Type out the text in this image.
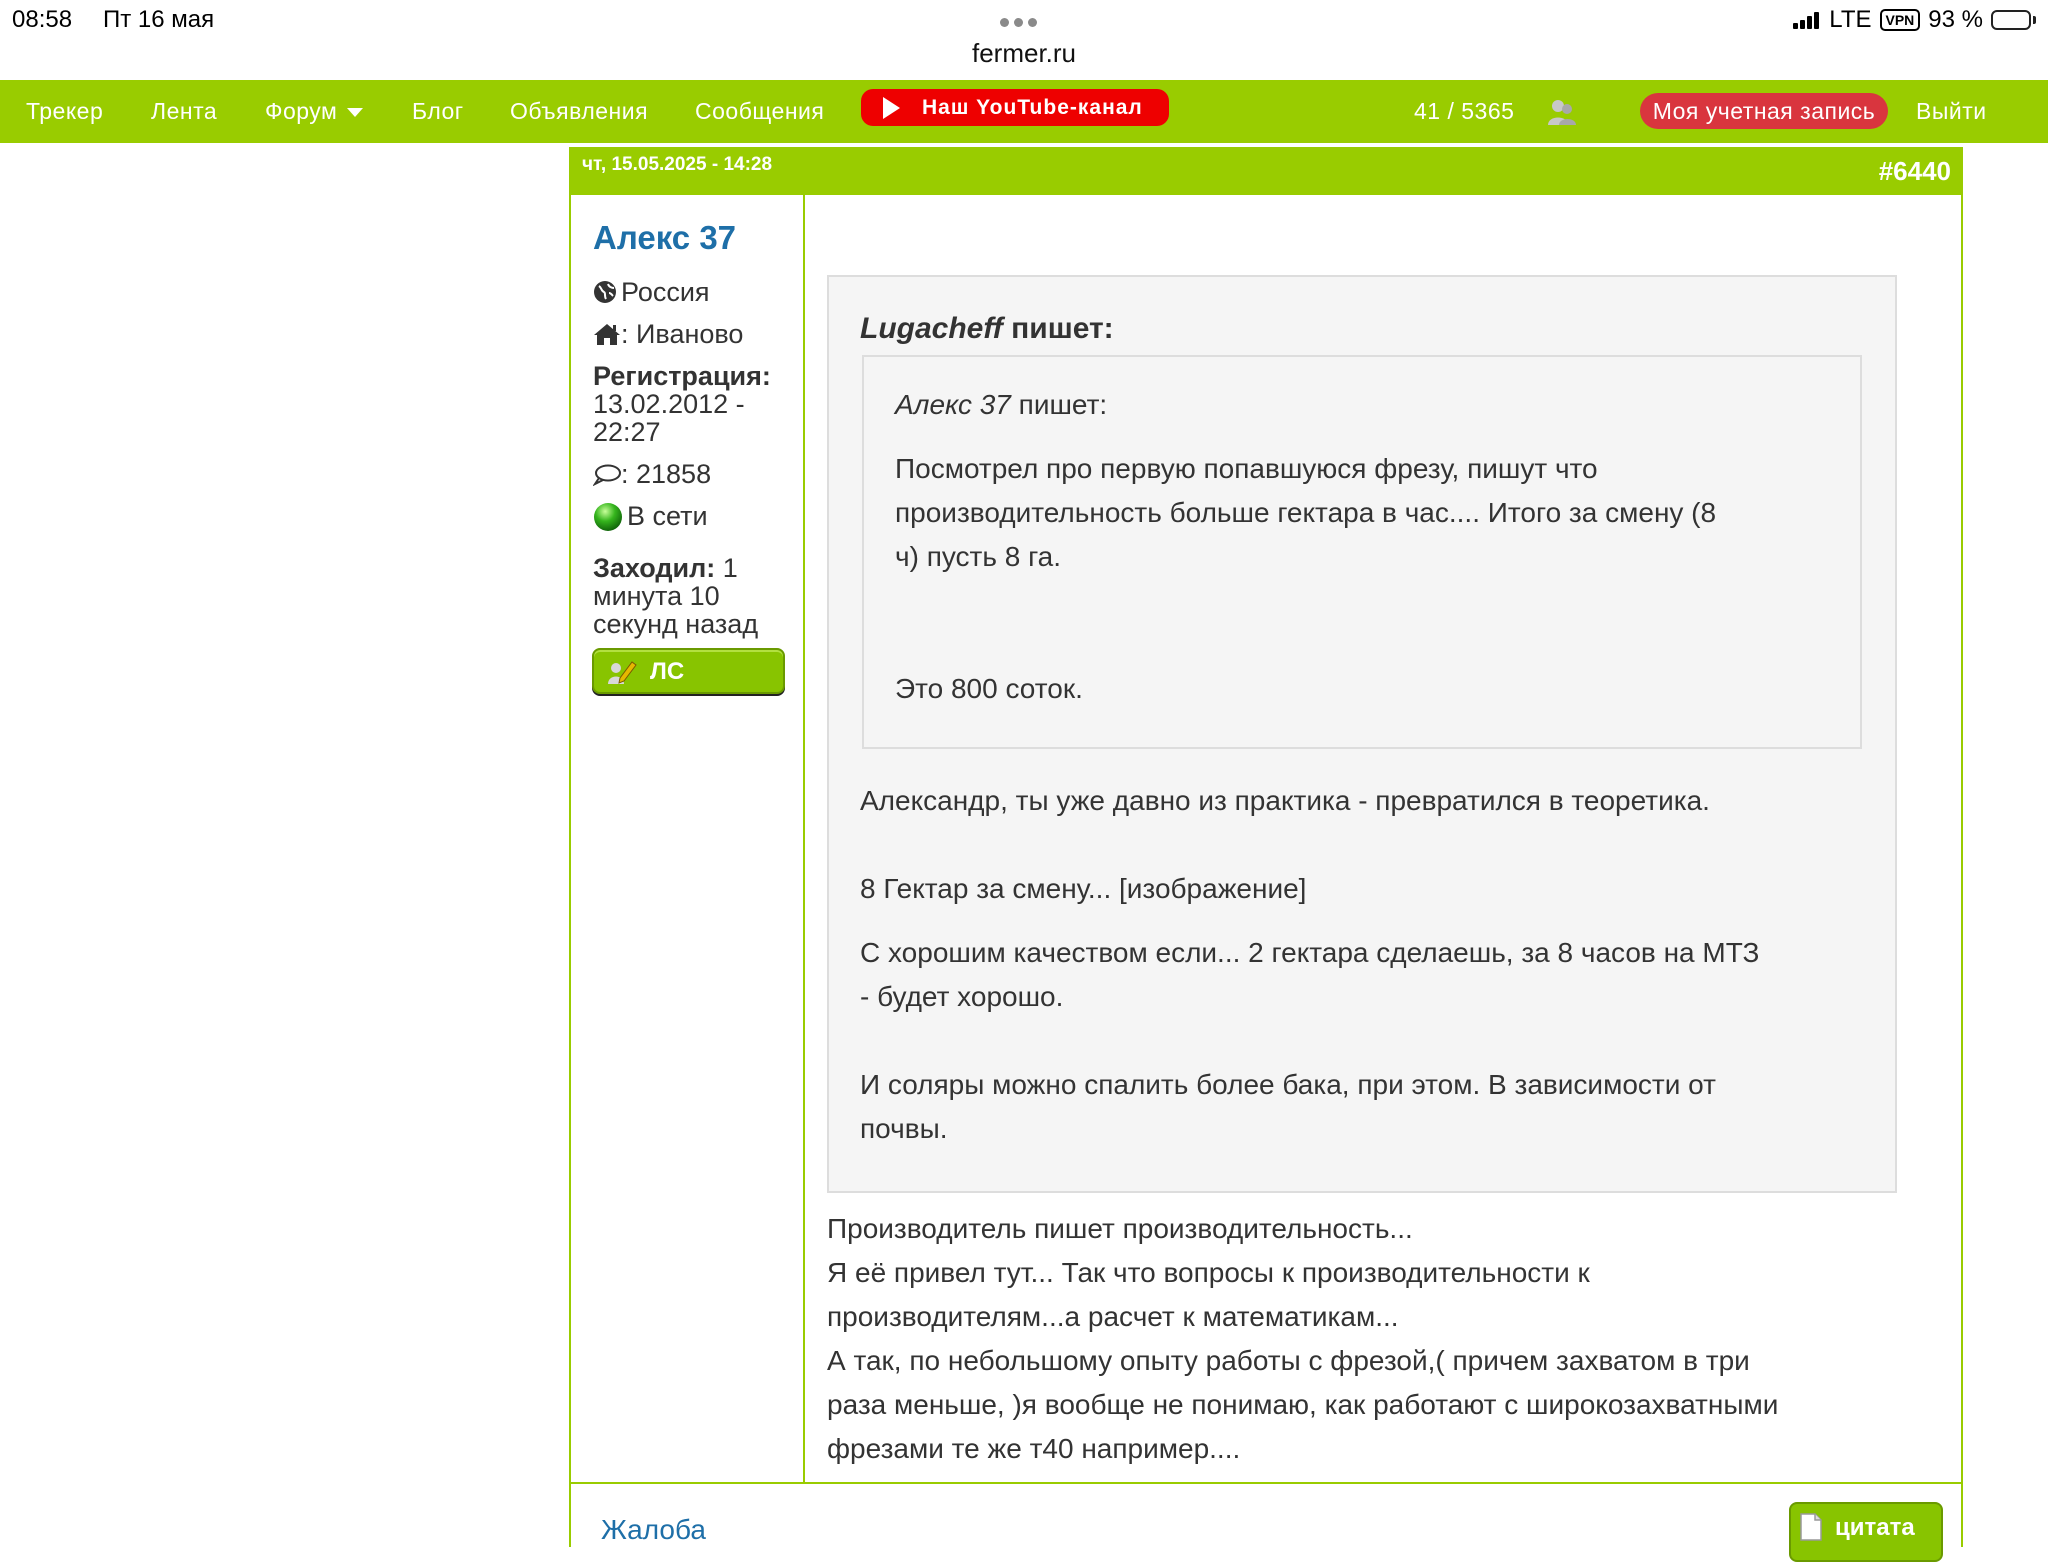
08:58 Пт 16 мая
fermer.ru
LTE	VPN 93 %
Трекер Лента Форум	Блог Объявления Сообщения	Наш YouTube-канал	41 / 5365	Моя учетная запись	Выйти
чт, 15.05.2025 - 14:28	#6440
Алекс 37
Россия
: Иваново
Регистрация:
13.02.2012 -
22:27
: 21858
В сети
Заходил: 1
минута 10
секунд назад
ЛС
Lugacheff пишет:
Алекс 37 пишет:
Посмотрел про первую попавшуюся фрезу, пишут что
производительность больше гектара в час.... Итого за смену (8
ч) пусть 8 га.
Это 800 соток.
Александр, ты уже давно из практика - превратился в теоретика.
8 Гектар за смену... [изображение]
С хорошим качеством если... 2 гектара сделаешь, за 8 часов на МТЗ
- будет хорошо.
И соляры можно спалить более бака, при этом. В зависимости от
почвы.
Производитель пишет производительность...
Я её привел тут... Так что вопросы к производительности к
производителям...а расчет к математикам...
А так, по небольшому опыту работы с фрезой,( причем захватом в три
раза меньше, )я вообще не понимаю, как работают с широкозахватными
фрезами те же т40 например....
Жалоба	цитата
